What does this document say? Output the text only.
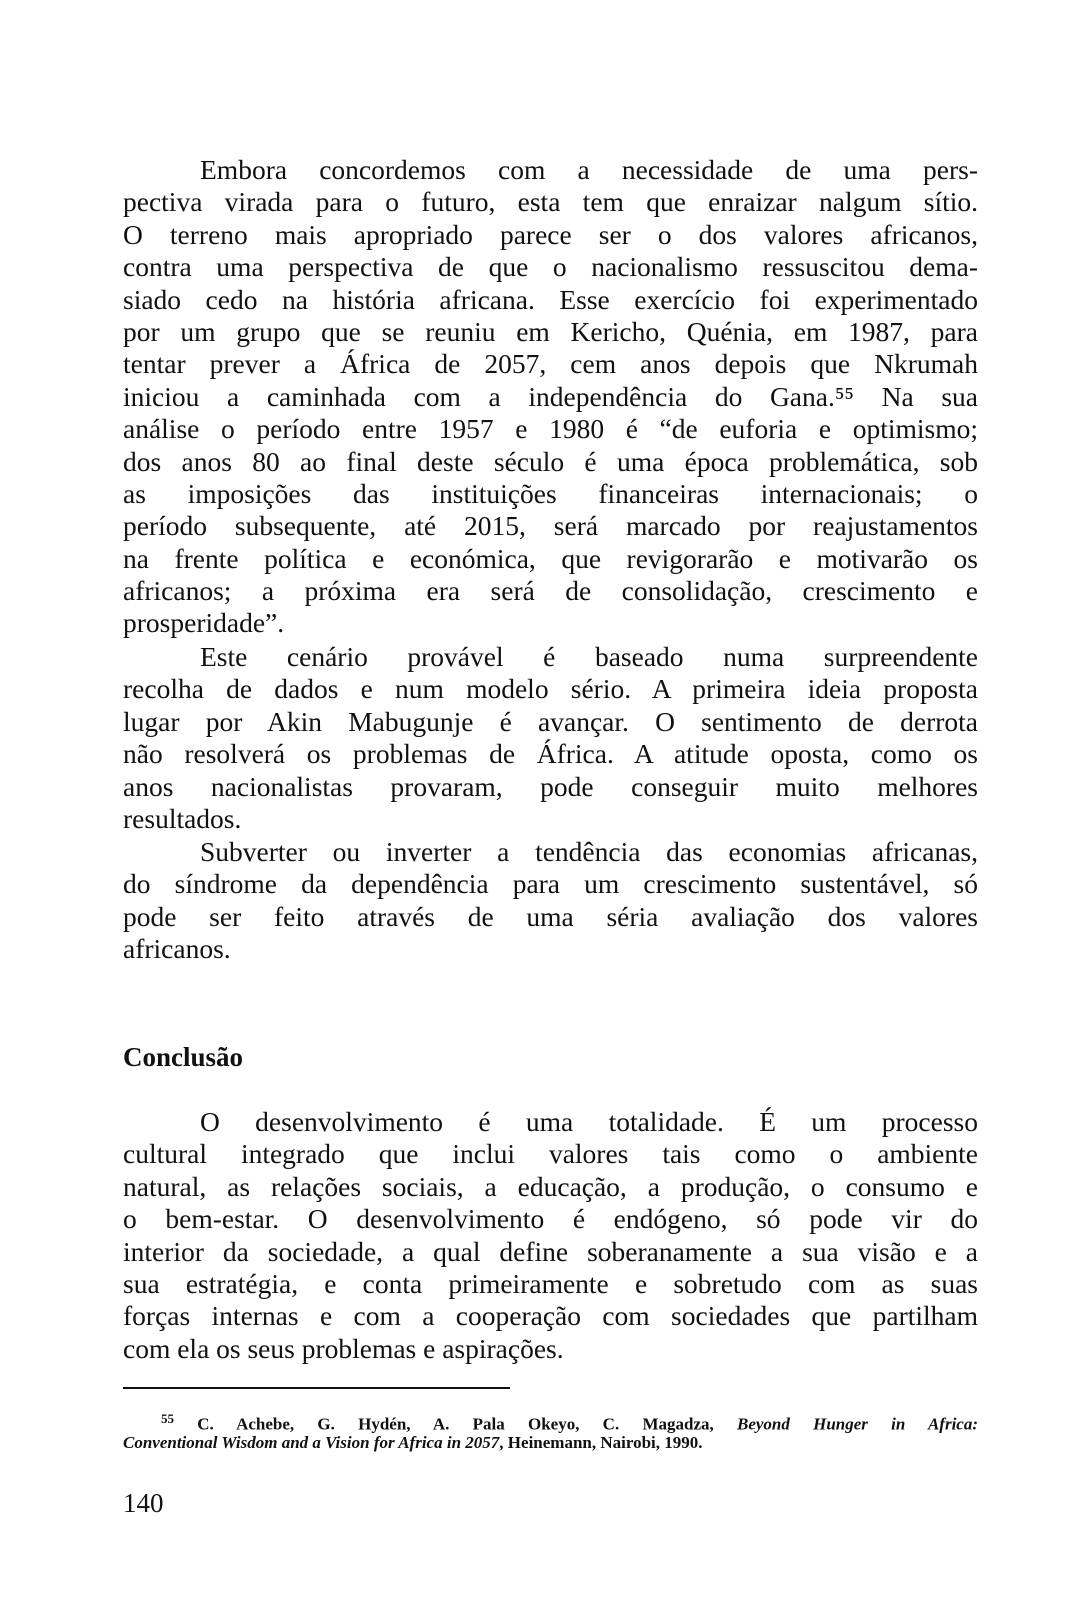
Embora concordemos com a necessidade de uma pers-
pectiva virada para o futuro, esta tem que enraizar nalgum sítio.
O terreno mais apropriado parece ser o dos valores africanos,
contra uma perspectiva de que o nacionalismo ressuscitou dema-
siado cedo na história africana. Esse exercício foi experimentado
por um grupo que se reuniu em Kericho, Quénia, em 1987, para
tentar prever a África de 2057, cem anos depois que Nkrumah
iniciou a caminhada com a independência do Gana.⁵⁵ Na sua
análise o período entre 1957 e 1980 é “de euforia e optimismo;
dos anos 80 ao final deste século é uma época problemática, sob
as imposições das instituições financeiras internacionais; o
período subsequente, até 2015, será marcado por reajustamentos
na frente política e económica, que revigorarão e motivarão os
africanos; a próxima era será de consolidação, crescimento e
prosperidade”.
Este cenário provável é baseado numa surpreendente
recolha de dados e num modelo sério. A primeira ideia proposta
lugar por Akin Mabugunje é avançar. O sentimento de derrota
não resolverá os problemas de África. A atitude oposta, como os
anos nacionalistas provaram, pode conseguir muito melhores
resultados.
Subverter ou inverter a tendência das economias africanas,
do síndrome da dependência para um crescimento sustentável, só
pode ser feito através de uma séria avaliação dos valores
africanos.
Conclusão
O desenvolvimento é uma totalidade. É um processo
cultural integrado que inclui valores tais como o ambiente
natural, as relações sociais, a educação, a produção, o consumo e
o bem-estar. O desenvolvimento é endógeno, só pode vir do
interior da sociedade, a qual define soberanamente a sua visão e a
sua estratégia, e conta primeiramente e sobretudo com as suas
forças internas e com a cooperação com sociedades que partilham
com ela os seus problemas e aspirações.
$^{55}$ C. Achebe, G. Hydén, A. Pala Okeyo, C. Magadza, Beyond Hunger in Africa:
Conventional Wisdom and a Vision for Africa in 2057, Heinemann, Nairobi, 1990.
140
